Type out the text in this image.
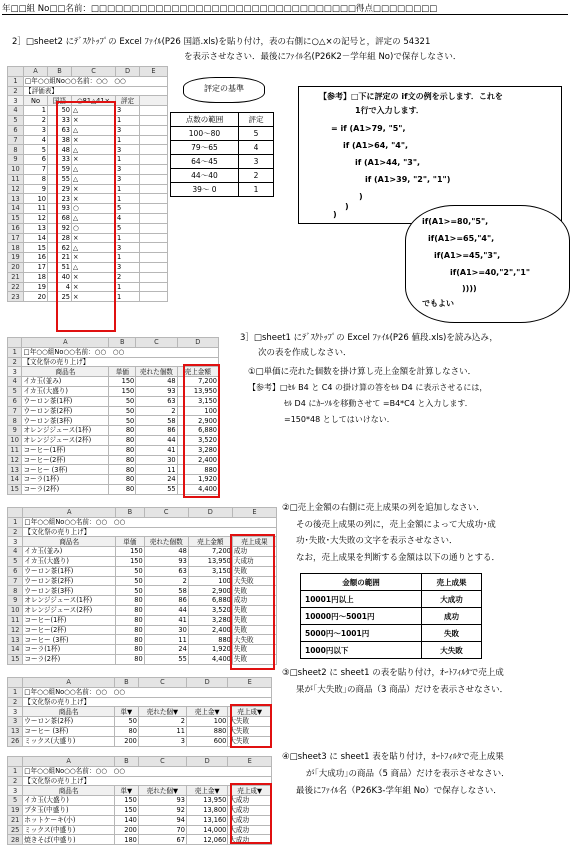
年□□組 No□□名前：□□□□□□□□□□□□□□□□□□□□□□□□□□□□□□□□□得点□□□□□□□□
2］□sheet2 にﾃﾞｽｸﾄｯﾌﾟの Excel ﾌｧｲﾙ(P26 国語.xls)を貼り付け，表の右側に○△×の記号と，評定の 54321
を表示させなさい．最後にﾌｧｲﾙ名(P26K2－学年組 No)で保存しなさい．
	A	B	C	D	E
1	□年○○組No○○名前：○○　○○				
2	【評価表】				
3	No	国語	○81△41×	評定	
4	1	50	△	3	
5	2	33	×	1	
6	3	63	△	3	
7	4	38	×	1	
8	5	48	△	3	
9	6	33	×	1	
10	7	59	△	3	
11	8	55	△	3	
12	9	29	×	1	
13	10	23	×	1	
14	11	93	○	5	
15	12	68	△	4	
16	13	92	○	5	
17	14	28	×	1	
18	15	62	△	3	
19	16	21	×	1	
20	17	51	△	3	
21	18	40	×	2	
22	19	4	×	1	
23	20	25	×	1	
評定の基準
点数の範囲	評定
100〜80	5
79〜65	4
64〜45	3
44〜40	2
39〜 0	1
【参考】□下に評定の if文の例を示します．これを
1行で入力します．
= if (A1>79, "5",
if (A1>64, "4",
if (A1>44, "3",
if (A1>39, "2", "1")
)
)
)
if(A1>=80,"5",
if(A1>=65,"4",
if(A1>=45,"3",
if(A1>=40,"2","1"
))))
でもよい
3］□sheet1 にﾃﾞｽｸﾄｯﾌﾟの Excel ﾌｧｲﾙ(P26 値段.xls)を読み込み，
次の表を作成しなさい．
①□単価に売れた個数を掛け算し売上金額を計算しなさい．
【参考】□ｾﾙ B4 と C4 の掛け算の答をｾﾙ D4 に表示させるには，
ｾﾙ D4 にｶｰｿﾙを移動させて =B4*C4 と入力します．
=150*48 としてはいけない．
	A	B	C	D
1	□年○○組No○○名前：○○　○○			
2	【文化祭の売り上げ】			
3	商品名	単価	売れた個数	売上金額
4	イカ玉(並み)	150	48	7,200
5	イカ玉(大盛り)	150	93	13,950
6	ウーロン茶(1杯)	50	63	3,150
7	ウーロン茶(2杯)	50	2	100
8	ウーロン茶(3杯)	50	58	2,900
9	オレンジジュース(1杯)	80	86	6,880
10	オレンジジュース(2杯)	80	44	3,520
11	コーヒー(1杯)	80	41	3,280
12	コーヒー(2杯)	80	30	2,400
13	コーヒー (3杯)	80	11	880
14	コーラ(1杯)	80	24	1,920
15	コーラ(2杯)	80	55	4,400
	A	B	C	D	E
1	□年○○組No○○名前：○○　○○				
2	【文化祭の売り上げ】				
3	商品名	単価	売れた個数	売上金額	売上成果
4	イカ玉(並み)	150	48	7,200	成功
5	イカ玉(大盛り)	150	93	13,950	大成功
6	ウーロン茶(1杯)	50	63	3,150	失敗
7	ウーロン茶(2杯)	50	2	100	大失敗
8	ウーロン茶(3杯)	50	58	2,900	失敗
9	オレンジジュース(1杯)	80	86	6,880	成功
10	オレンジジュース(2杯)	80	44	3,520	失敗
11	コーヒー(1杯)	80	41	3,280	失敗
12	コーヒー(2杯)	80	30	2,400	失敗
13	コーヒー (3杯)	80	11	880	大失敗
14	コーラ(1杯)	80	24	1,920	失敗
15	コーラ(2杯)	80	55	4,400	失敗
②□売上金額の右側に売上成果の列を追加しなさい．
その後売上成果の列に，売上金額によって大成功･成
功･失敗･大失敗の文字を表示させなさい．
なお，売上成果を判断する金額は以下の通りとする．
金額の範囲	売上成果
10001円以上	大成功
10000円〜5001円	成功
5000円〜1001円	失敗
1000円以下	大失敗
③□sheet2 に sheet1 の表を貼り付け，ｵｰﾄﾌｨﾙﾀで売上成
果が｢大失敗｣の商品（3 商品）だけを表示させなさい．
	A	B	C	D	E
1	□年○○組No○○名前：○○　○○				
2	【文化祭の売り上げ】				
3	商品名	単▼	売れた個▼	売上金▼	売上成▼
3	ウーロン茶(2杯)	50	2	100	大失敗
13	コーヒー (3杯)	80	11	880	大失敗
26	ミックス(大盛り)	200	3	600	大失敗
④□sheet3 に sheet1 表を貼り付け，ｵｰﾄﾌｨﾙﾀで売上成果
が｢大成功｣の商品（5 商品）だけを表示させなさい．
最後にﾌｧｲﾙ名（P26K3-学年組 No）で保存しなさい．
	A	B	C	D	E
1	□年○○組No○○名前：○○　○○				
2	【文化祭の売り上げ】				
3	商品名	単▼	売れた個▼	売上金▼	売上成▼
5	イカ玉(大盛り)	150	93	13,950	大成功
19	ブタ玉(中盛り)	150	92	13,800	大成功
21	ホットケーキ(小)	140	94	13,160	大成功
25	ミックス(中盛り)	200	70	14,000	大成功
28	焼きそば(中盛り)	180	67	12,060	大成功
